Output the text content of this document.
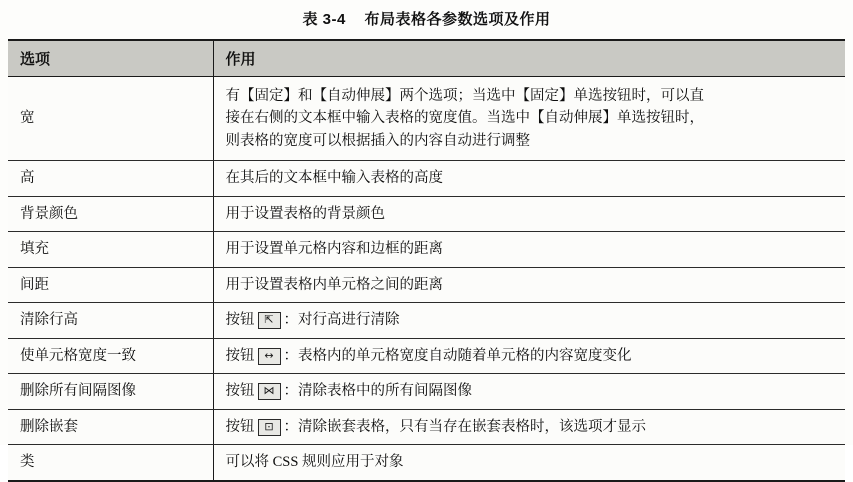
表 3-4 布局表格各参数选项及作用
选项	作用
宽	有【固定】和【自动伸展】两个选项；当选中【固定】单选按钮时，可以直
接在右侧的文本框中输入表格的宽度值。当选中【自动伸展】单选按钮时，
则表格的宽度可以根据插入的内容自动进行调整

高	在其后的文本框中输入表格的高度
背景颜色	用于设置表格的背景颜色
填充	用于设置单元格内容和边框的距离
间距	用于设置表格内单元格之间的距离
清除行高	按钮 ⇱ ：对行高进行清除
使单元格宽度一致	按钮 ↔ ：表格内的单元格宽度自动随着单元格的内容宽度变化
删除所有间隔图像	按钮 ⋈ ：清除表格中的所有间隔图像
删除嵌套	按钮 ⊡ ：清除嵌套表格，只有当存在嵌套表格时，该选项才显示
类	可以将 CSS 规则应用于对象
